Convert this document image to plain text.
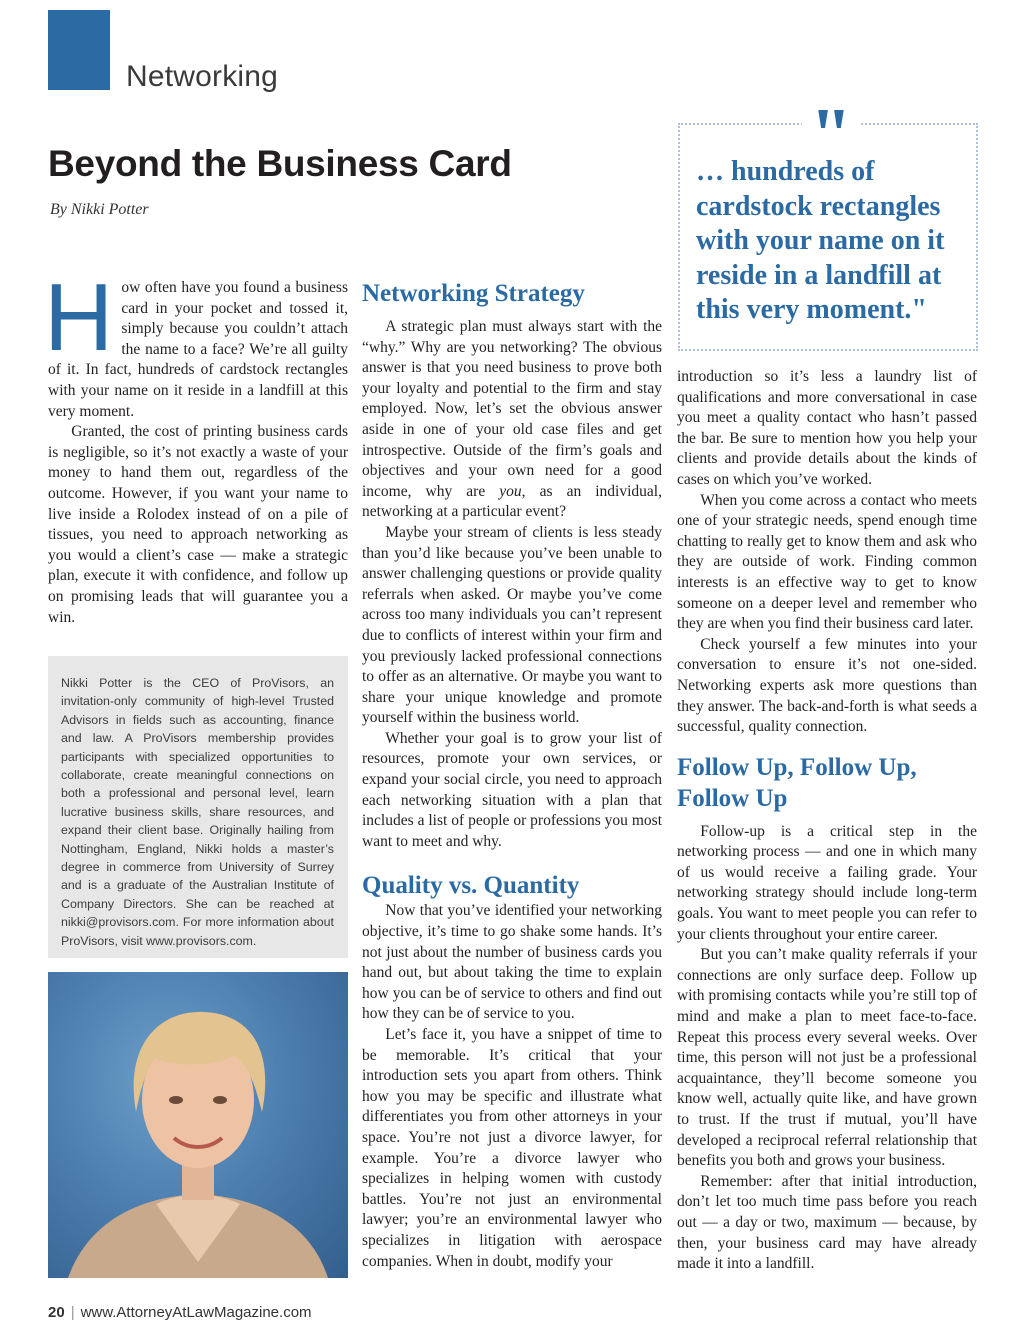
Networking
Beyond the Business Card
By Nikki Potter

How often have you found a business card in your pocket and tossed it, simply because you couldn’t attach the name to a face? We’re all guilty of it. In fact, hundreds of cardstock rectangles with your name on it reside in a landfill at this very moment.

Granted, the cost of printing business cards is negligible, so it’s not exactly a waste of your money to hand them out, regardless of the outcome. However, if you want your name to live inside a Rolodex instead of on a pile of tissues, you need to approach networking as you would a client’s case — make a strategic plan, execute it with confidence, and follow up on promising leads that will guarantee you a win.

Nikki Potter is the CEO of ProVisors, an invitation-only community of high-level Trusted Advisors in fields such as accounting, finance and law. A ProVisors membership provides participants with specialized opportunities to collaborate, create meaningful connections on both a professional and personal level, learn lucrative business skills, share resources, and expand their client base. Originally hailing from Nottingham, England, Nikki holds a master’s degree in commerce from University of Surrey and is a graduate of the Australian Institute of Company Directors. She can be reached at nikki@provisors.com. For more information about ProVisors, visit www.provisors.com.
Networking Strategy

A strategic plan must always start with the “why.” Why are you networking? The obvious answer is that you need business to prove both your loyalty and potential to the firm and stay employed. Now, let’s set the obvious answer aside in one of your old case files and get introspective. Outside of the firm’s goals and objectives and your own need for a good income, why are you, as an individual, networking at a particular event?

Maybe your stream of clients is less steady than you’d like because you’ve been unable to answer challenging questions or provide quality referrals when asked. Or maybe you’ve come across too many individuals you can’t represent due to conflicts of interest within your firm and you previously lacked professional connections to offer as an alternative. Or maybe you want to share your unique knowledge and promote yourself within the business world.

Whether your goal is to grow your list of resources, promote your own services, or expand your social circle, you need to approach each networking situation with a plan that includes a list of people or professions you most want to meet and why.

Quality vs. Quantity

Now that you’ve identified your networking objective, it’s time to go shake some hands. It’s not just about the number of business cards you hand out, but about taking the time to explain how you can be of service to others and find out how they can be of service to you.

Let’s face it, you have a snippet of time to be memorable. It’s critical that your introduction sets you apart from others. Think how you may be specific and illustrate what differentiates you from other attorneys in your space. You’re not just a divorce lawyer, for example. You’re a divorce lawyer who specializes in helping women with custody battles. You’re not just an environmental lawyer; you’re an environmental lawyer who specializes in litigation with aerospace companies. When in doubt, modify your

"

… hundreds of cardstock rectangles with your name on it reside in a landfill at this very moment."

introduction so it’s less a laundry list of qualifications and more conversational in case you meet a quality contact who hasn’t passed the bar. Be sure to mention how you help your clients and provide details about the kinds of cases on which you’ve worked.

When you come across a contact who meets one of your strategic needs, spend enough time chatting to really get to know them and ask who they are outside of work. Finding common interests is an effective way to get to know someone on a deeper level and remember who they are when you find their business card later.

Check yourself a few minutes into your conversation to ensure it’s not one-sided. Networking experts ask more questions than they answer. The back-and-forth is what seeds a successful, quality connection.

Follow Up, Follow Up, Follow Up

Follow-up is a critical step in the networking process — and one in which many of us would receive a failing grade. Your networking strategy should include long-term goals. You want to meet people you can refer to your clients throughout your entire career.

But you can’t make quality referrals if your connections are only surface deep. Follow up with promising contacts while you’re still top of mind and make a plan to meet face-to-face. Repeat this process every several weeks. Over time, this person will not just be a professional acquaintance, they’ll become someone you know well, actually quite like, and have grown to trust. If the trust if mutual, you’ll have developed a reciprocal referral relationship that benefits you both and grows your business.

Remember: after that initial introduction, don’t let too much time pass before you reach out — a day or two, maximum — because, by then, your business card may have already made it into a landfill.

20 | www.AttorneyAtLawMagazine.com
